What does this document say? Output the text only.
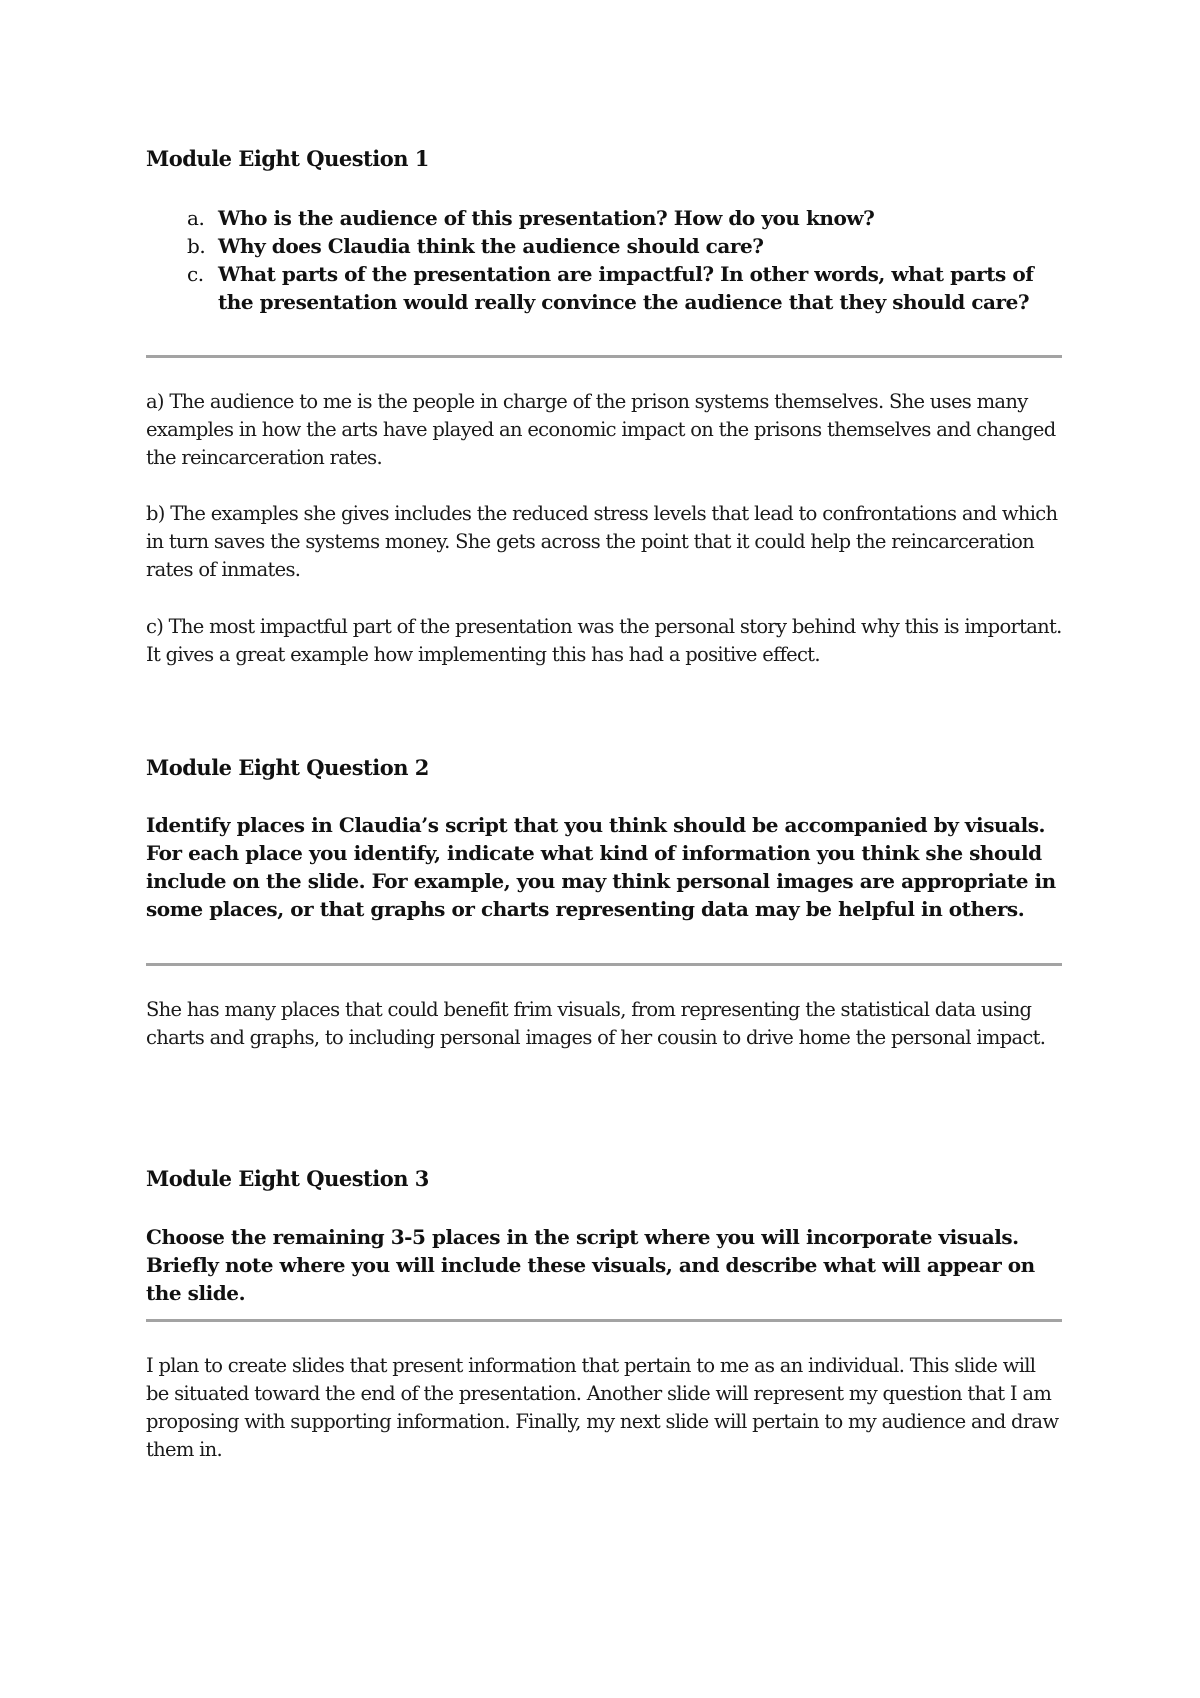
Module Eight Question 1
a. Who is the audience of this presentation? How do you know?
b. Why does Claudia think the audience should care?
c. What parts of the presentation are impactful? In other words, what parts of the presentation would really convince the audience that they should care?

a) The audience to me is the people in charge of the prison systems themselves. She uses many examples in how the arts have played an economic impact on the prisons themselves and changed the reincarceration rates.

b) The examples she gives includes the reduced stress levels that lead to confrontations and which in turn saves the systems money. She gets across the point that it could help the reincarceration rates of inmates.

c) The most impactful part of the presentation was the personal story behind why this is important. It gives a great example how implementing this has had a positive effect.

Module Eight Question 2

Identify places in Claudia’s script that you think should be accompanied by visuals. For each place you identify, indicate what kind of information you think she should include on the slide. For example, you may think personal images are appropriate in some places, or that graphs or charts representing data may be helpful in others.

She has many places that could benefit frim visuals, from representing the statistical data using charts and graphs, to including personal images of her cousin to drive home the personal impact.

Module Eight Question 3

Choose the remaining 3-5 places in the script where you will incorporate visuals. Briefly note where you will include these visuals, and describe what will appear on the slide.

I plan to create slides that present information that pertain to me as an individual. This slide will be situated toward the end of the presentation. Another slide will represent my question that I am proposing with supporting information. Finally, my next slide will pertain to my audience and draw them in.
